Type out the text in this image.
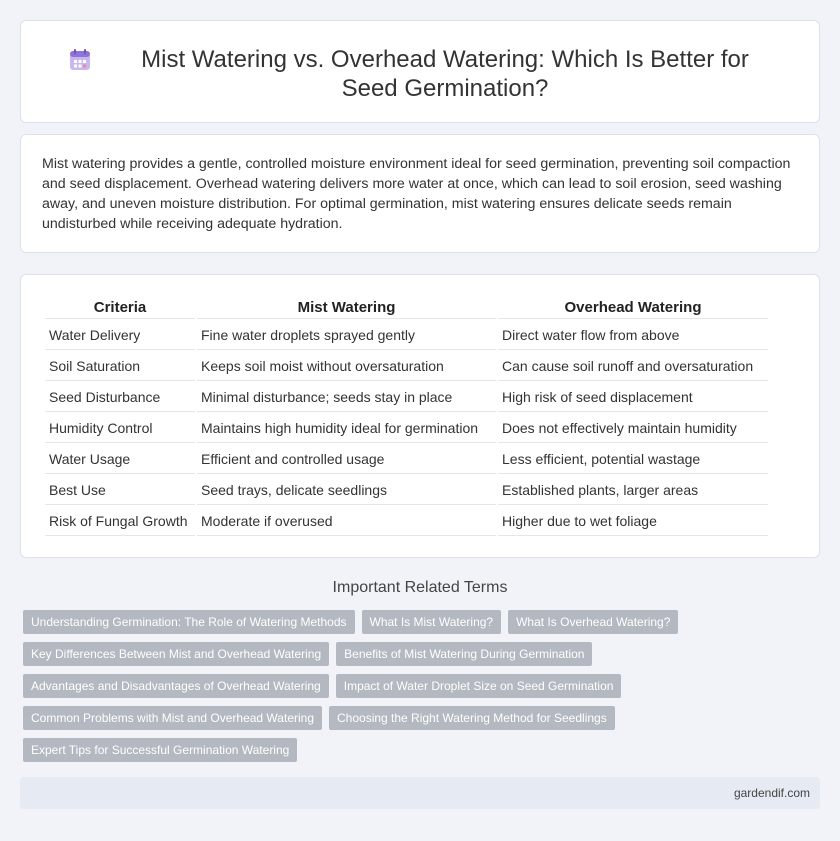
Mist Watering vs. Overhead Watering: Which Is Better for Seed Germination?

Mist watering provides a gentle, controlled moisture environment ideal for seed germination, preventing soil compaction and seed displacement. Overhead watering delivers more water at once, which can lead to soil erosion, seed washing away, and uneven moisture distribution. For optimal germination, mist watering ensures delicate seeds remain undisturbed while receiving adequate hydration.

Criteria	Mist Watering	Overhead Watering
Water Delivery	Fine water droplets sprayed gently	Direct water flow from above
Soil Saturation	Keeps soil moist without oversaturation	Can cause soil runoff and oversaturation
Seed Disturbance	Minimal disturbance; seeds stay in place	High risk of seed displacement
Humidity Control	Maintains high humidity ideal for germination	Does not effectively maintain humidity
Water Usage	Efficient and controlled usage	Less efficient, potential wastage
Best Use	Seed trays, delicate seedlings	Established plants, larger areas
Risk of Fungal Growth	Moderate if overused	Higher due to wet foliage
Important Related Terms
Understanding Germination: The Role of Watering Methods	What Is Mist Watering?	What Is Overhead Watering?
Key Differences Between Mist and Overhead Watering	Benefits of Mist Watering During Germination
Advantages and Disadvantages of Overhead Watering	Impact of Water Droplet Size on Seed Germination
Common Problems with Mist and Overhead Watering	Choosing the Right Watering Method for Seedlings
Expert Tips for Successful Germination Watering
gardendif.com
